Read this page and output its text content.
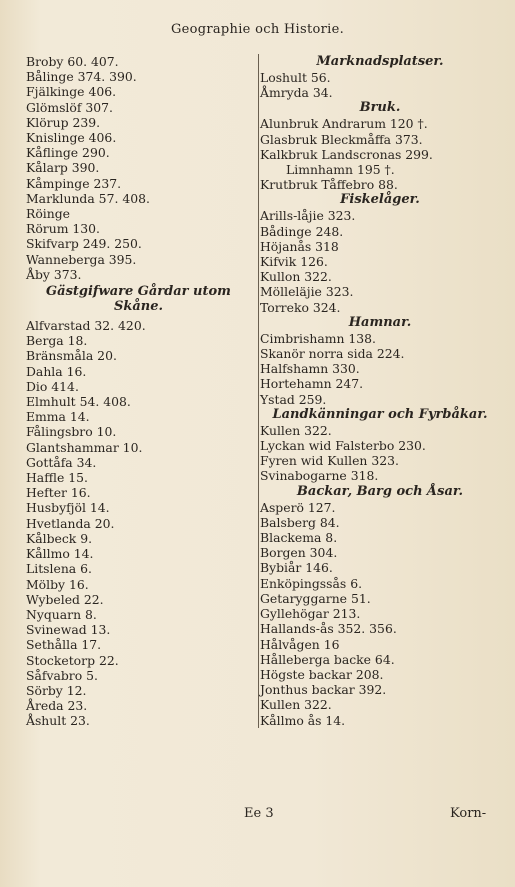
Geographie och Historie.
Broby 60. 407.
Bålinge 374. 390.
Fjälkinge 406.
Glömslöf 307.
Klörup 239.
Knislinge 406.
Kåflinge 290.
Kålarp 390.
Kåmpinge 237.
Marklunda 57. 408.
Röinge
Rörum 130.
Skifvarp 249. 250.
Wanneberga 395.
Åby 373.
Gästgifware Gårdar utom Skåne.
Alfvarstad 32. 420.
Berga 18.
Bränsmåla 20.
Dahla 16.
Dio 414.
Elmhult 54. 408.
Emma 14.
Fålingsbro 10.
Glantshammar 10.
Gottåfa 34.
Haffle 15.
Hefter 16.
Husbyfjöl 14.
Hvetlanda 20.
Kålbeck 9.
Kållmo 14.
Litslena 6.
Mölby 16.
Wybeled 22.
Nyquarn 8.
Svinewad 13.
Sethålla 17.
Stocketorp 22.
Såfvabro 5.
Sörby 12.
Åreda 23.
Åshult 23.
Marknadsplatser.
Loshult 56.
Åmryda 34.
Bruk.
Alunbruk Andrarum 120 †.
Glasbruk Bleckmåffa 373.
Kalkbruk Landscronas 299.
Limnhamn 195 †.
Krutbruk Tåffebro 88.
Fiskelåger.
Arills-låjie 323.
Bådinge 248.
Höjanås 318
Kifvik 126.
Kullon 322.
Mölleläjie 323.
Torreko 324.
Hamnar.
Cimbrishamn 138.
Skanör norra sida 224.
Halfshamn 330.
Hortehamn 247.
Ystad 259.
Landkänningar och Fyrbåkar.
Kullen 322.
Lyckan wid Falsterbo 230.
Fyren wid Kullen 323.
Svinabogarne 318.
Backar, Barg och Åsar.
Asperö 127.
Balsberg 84.
Blackema 8.
Borgen 304.
Bybiår 146.
Enköpingssås 6.
Getaryggarne 51.
Gyllehögar 213.
Hallands-ås 352. 356.
Hålvågen 16
Hålleberga backe 64.
Högste backar 208.
Jonthus backar 392.
Kullen 322.
Kållmo ås 14.
Ee 3	Korn-
